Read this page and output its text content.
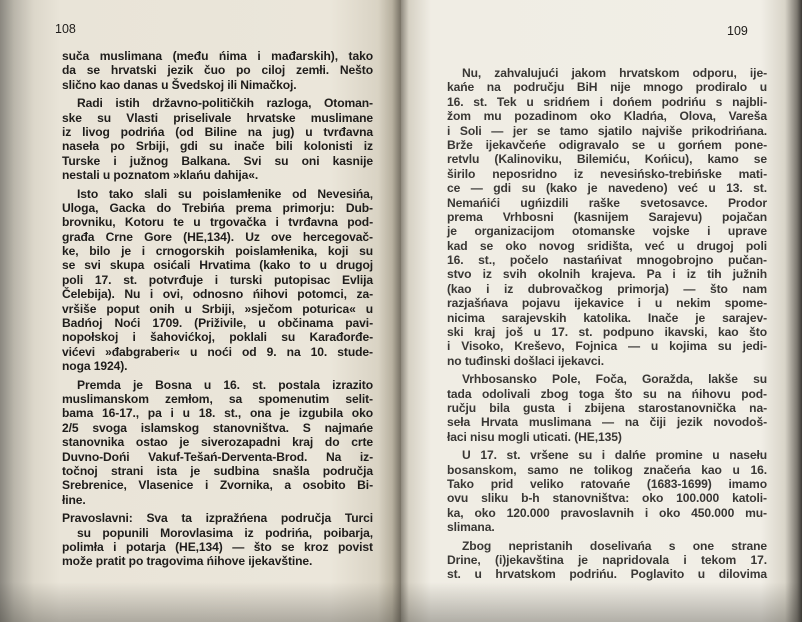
108
suča muslimana (među ńima i mađarskih), tako
da se hrvatski jezik čuo po ciloj zemłi. Nešto
slično kao danas u Švedskoj ili Nimačkoj.
Radi istih državno-političkih razloga, Otoman-
ske su Vlasti priselivale hrvatske muslimane
iz livog podrińa (od Biline na jug) u tvrđavna
naseła po Srbiji, gdi su inače bili kolonisti iz
Turske i južnog Balkana. Svi su oni kasnije
nestali u poznatom »klańu dahija«.
Isto tako slali su poislamłenike od Nevesińa,
Uloga, Gacka do Trebińa prema primorju: Dub-
brovniku, Kotoru te u trgovačka i tvrđavna pod-
građa Crne Gore (HE,134). Uz ove hercegovač-
ke, bilo je i crnogorskih poislamłenika, koji su
se svi skupa osićali Hrvatima (kako to u drugoj
poli 17. st. potvrđuje i turski putopisac Evlija
Čelebija). Nu i ovi, odnosno ńihovi potomci, za-
vršiše poput onih u Srbiji, »sječom poturica« u
Badńoj Noći 1709. (Priživile, u občinama pavi-
nopołskoj i šahovićkoj, poklali su Karađorđe-
vićevi »đabgraberi« u noći od 9. na 10. stude-
noga 1924).
Premda je Bosna u 16. st. postala izrazito
muslimanskom zemłom, sa spomenutim selit-
bama 16-17., pa i u 18. st., ona je izgubila oko
2/5 svoga islamskog stanovništva. S najmańe
stanovnika ostao je siverozapadni kraj do crte
Duvno-Dońi Vakuf-Tešań-Derventa-Brod. Na iz-
točnoj strani ista je sudbina snašla područja
Srebrenice, Vlasenice i Zvornika, a osobito Bi-
łine.
Pravoslavni: Sva ta izpražńena područja Turci
su popunili Morovlasima iz podrińa, poibarja,
polimła i potarja (HE,134) — što se kroz povist
može pratit po tragovima ńihove ijekavštine.
109
Nu, zahvalujući jakom hrvatskom odporu, ije-
kańe na području BiH nije mnogo prodiralo u
16. st. Tek u sridńem i dońem podrińu s najbli-
žom mu pozadinom oko Kladńa, Olova, Vareša
i Soli — jer se tamo sjatilo najviše prikodrińana.
Brže ijekavčeńe odigravalo se u gorńem pone-
retvlu (Kalinoviku, Bilemiću, Końicu), kamo se
širilo neposridno iz nevesińsko-trebińske mati-
ce — gdi su (kako je navedeno) već u 13. st.
Nemańići ugńizdili raške svetosavce. Prodor
prema Vrhbosni (kasnijem Sarajevu) pojačan
je organizacijom otomanske vojske i uprave
kad se oko novog sridišta, već u drugoj poli
16. st., počelo nastańivat mnogobrojno pučan-
stvo iz svih okolnih krajeva. Pa i iz tih južnih
(kao i iz dubrovačkog primorja) — što nam
razjašńava pojavu ijekavice i u nekim spome-
nicima sarajevskih katolika. Inače je sarajev-
ski kraj još u 17. st. podpuno ikavski, kao što
i Visoko, Kreševo, Fojnica — u kojima su jedi-
no tuđinski došlaci ijekavci.
Vrhbosansko Pole, Foča, Goražda, lakše su
tada odolivali zbog toga što su na ńihovu pod-
ručju bila gusta i zbijena starostanovnička na-
seła Hrvata muslimana — na čiji jezik novodoš-
łaci nisu mogli uticati. (HE,135)
U 17. st. vršene su i dalńe promine u nasełu
bosanskom, samo ne tolikog značeńa kao u 16.
Tako prid veliko ratovańe (1683-1699) imamo
ovu sliku b-h stanovništva: oko 100.000 katoli-
ka, oko 120.000 pravoslavnih i oko 450.000 mu-
slimana.
Zbog nepristanih doselivańa s one strane
Drine, (i)jekavština je napridovala i tekom 17.
st. u hrvatskom podrińu. Poglavito u dilovima
